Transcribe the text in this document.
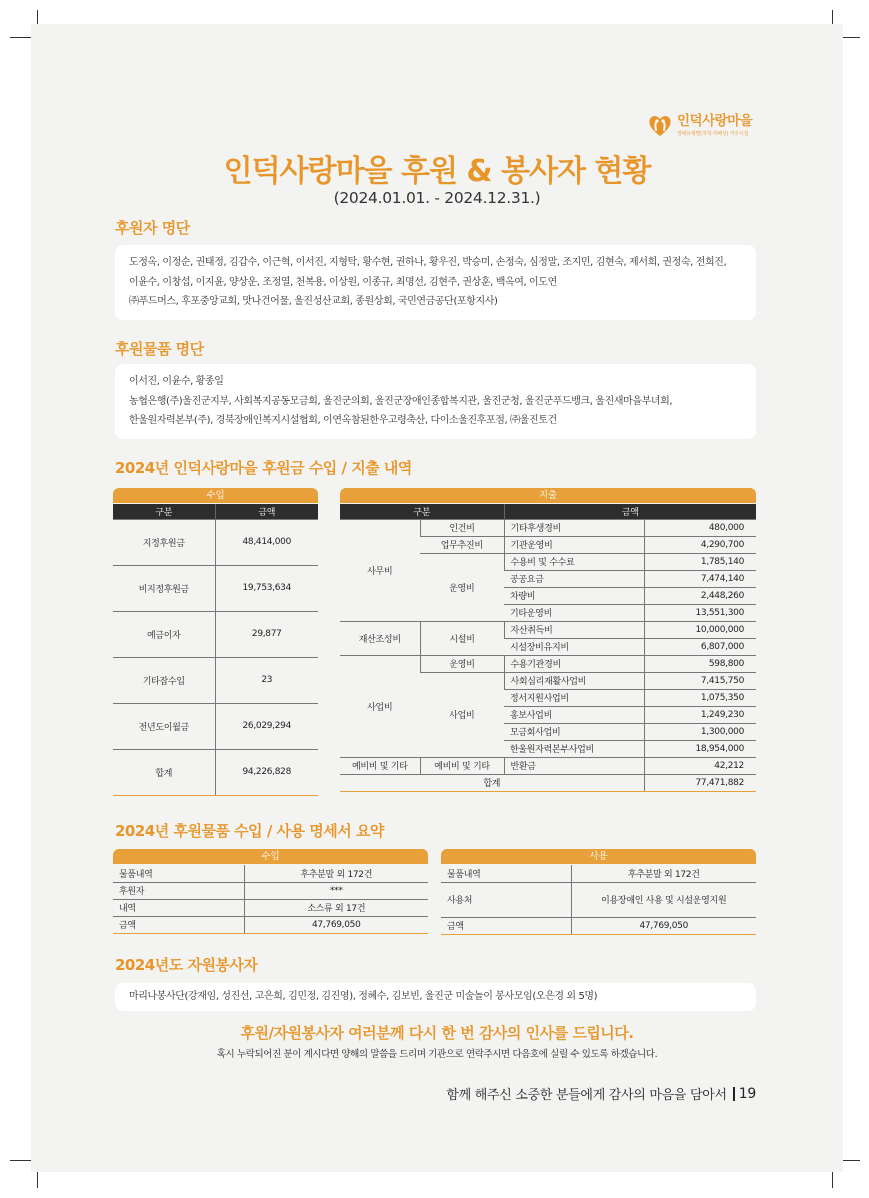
인덕사랑마을
장애유형별(지적·자폐성) 거주시설
인덕사랑마을 후원 & 봉사자 현황
(2024.01.01. - 2024.12.31.)
후원자 명단
도정옥, 이정순, 권태정, 김갑수, 이근혁, 이서진, 지형탁, 황수현, 권하나, 황우진, 박승미, 손정숙, 심정말, 조지민, 김현숙, 제서희, 권정숙, 전희진,
이윤수, 이창섭, 이지윤, 양상운, 조정열, 천복용, 이상원, 이종규, 최명선, 김현주, 권상훈, 백옥여, 이도연
㈜푸드머스, 후포중앙교회, 맛나건어물, 울진성산교회, 종원상회, 국민연금공단(포항지사)
후원물품 명단
이서진, 이윤수, 황종일
농협은행(주)울진군지부, 사회복지공동모금회, 울진군의회, 울진군장애인종합복지관, 울진군청, 울진군푸드뱅크, 울진새마을부녀회,
한울원자력본부(주), 경북장애인복지시설협회, 이연옥참된한우고령축산, 다이소울진후포점, ㈜울진토건
2024년 인덕사랑마을 후원금 수입 / 지출 내역
수입
구분	금액
지정후원금	48,414,000
비지정후원금	19,753,634
예금이자	29,877
기타잡수입	23
전년도이월금	26,029,294
합계	94,226,828
지출
구분		금액	
사무비	인건비	기타후생경비	480,000
	업무추진비	기관운영비	4,290,700
	운영비	수용비 및 수수료	1,785,140
		공공요금	7,474,140
		차량비	2,448,260
		기타운영비	13,551,300
재산조성비	시설비	자산취득비	10,000,000
		시설장비유지비	6,807,000
사업비	운영비	수용기관경비	598,800
	사업비	사회심리재활사업비	7,415,750
		정서지원사업비	1,075,350
		홍보사업비	1,249,230
		모금회사업비	1,300,000
		한울원자력본부사업비	18,954,000
예비비 및 기타	예비비 및 기타	반환금	42,212
합계			77,471,882
2024년 후원물품 수입 / 사용 명세서 요약
수입
물품내역	후추분말 외 172건
후원자	***
내역	소스류 외 17건
금액	47,769,050
사용
물품내역	후추분말 외 172건
사용처	이용장애인 사용 및 시설운영지원
금액	47,769,050
2024년도 자원봉사자
마리나봉사단(강재임, 성진선, 고은희, 김민정, 김진영), 정혜수, 김보빈, 울진군 미술놀이 봉사모임(오은경 외 5명)
후원/자원봉사자 여러분께 다시 한 번 감사의 인사를 드립니다.
혹시 누락되어진 분이 계시다면 양해의 말씀을 드리며 기관으로 연락주시면 다음호에 실릴 수 있도록 하겠습니다.
함께 해주신 소중한 분들에게 감사의 마음을 담아서 19
